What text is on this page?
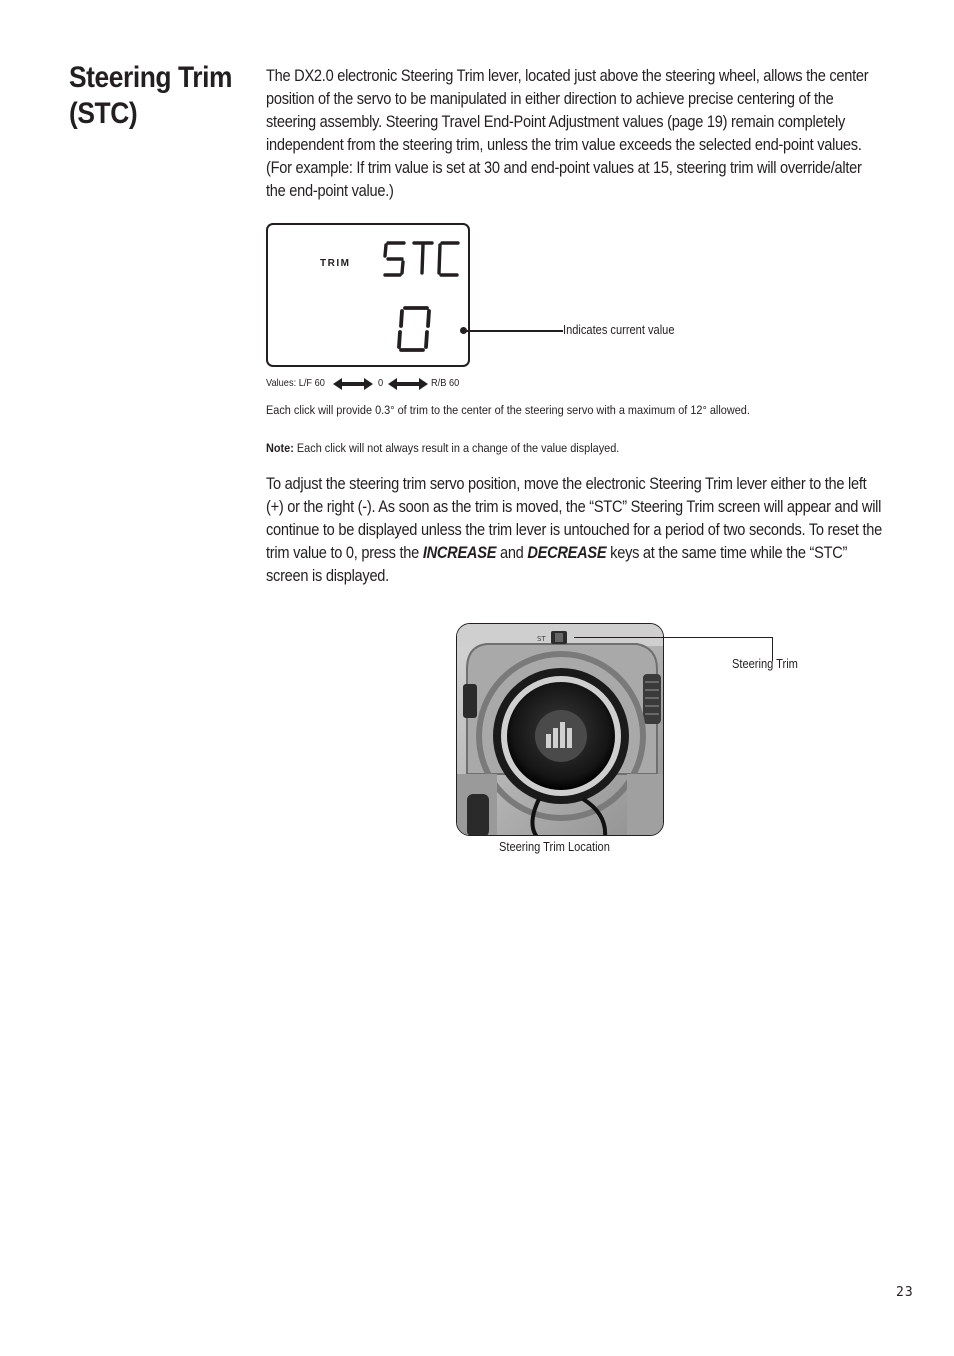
Steering Trim
(STC)

The DX2.0 electronic Steering Trim lever, located just above the steering wheel, allows the center position of the servo to be manipulated in either direction to achieve precise centering of the steering assembly. Steering Travel End-Point Adjustment values (page 19) remain completely independent from the steering trim, unless the trim value exceeds the selected end-point values. (For example: If trim value is set at 30 and end-point values at 15, steering trim will override/alter the end-point value.)

TRIM
Indicates current value
Values: L/F 60	0	R/B 60

Each click will provide 0.3° of trim to the center of the steering servo with a maximum of 12° allowed.

Note: Each click will not always result in a change of the value displayed.

To adjust the steering trim servo position, move the electronic Steering Trim lever either to the left (+) or the right (-). As soon as the trim is moved, the “STC” Steering Trim screen will appear and will continue to be displayed unless the trim lever is untouched for a period of two seconds. To reset the trim value to 0, press the INCREASE and DECREASE keys at the same time while the “STC” screen is displayed.

ST
Steering Trim
Steering Trim Location
23
